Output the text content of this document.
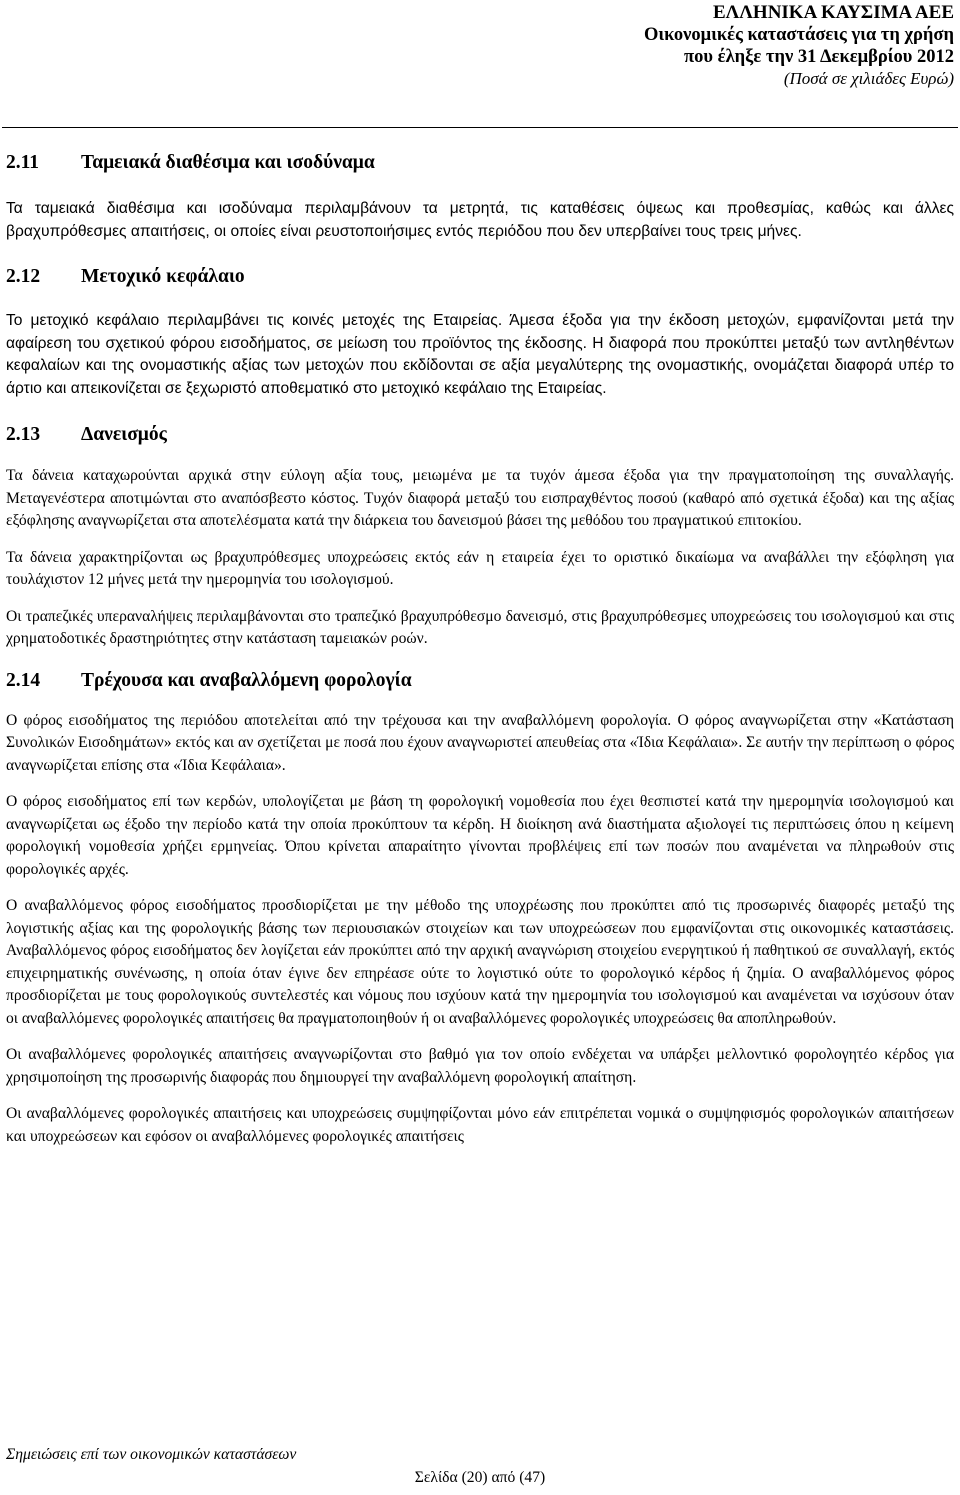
ΕΛΛΗΝΙΚΑ ΚΑΥΣΙΜΑ ΑΕΕ
Οικονομικές καταστάσεις για τη χρήση
που έληξε την 31 Δεκεμβρίου 2012
(Ποσά σε χιλιάδες Ευρώ)
2.11 Ταμειακά διαθέσιμα και ισοδύναμα

Τα ταμειακά διαθέσιμα και ισοδύναμα περιλαμβάνουν τα μετρητά, τις καταθέσεις όψεως και προθεσμίας, καθώς και άλλες βραχυπρόθεσμες απαιτήσεις, οι οποίες είναι ρευστοποιήσιμες εντός περιόδου που δεν υπερβαίνει τους τρεις μήνες.

2.12 Μετοχικό κεφάλαιο

Το μετοχικό κεφάλαιο περιλαμβάνει τις κοινές μετοχές της Εταιρείας. Άμεσα έξοδα για την έκδοση μετοχών, εμφανίζονται μετά την αφαίρεση του σχετικού φόρου εισοδήματος, σε μείωση του προϊόντος της έκδοσης. Η διαφορά που προκύπτει μεταξύ των αντληθέντων κεφαλαίων και της ονομαστικής αξίας των μετοχών που εκδίδονται σε αξία μεγαλύτερης της ονομαστικής, ονομάζεται διαφορά υπέρ το άρτιο και απεικονίζεται σε ξεχωριστό αποθεματικό στο μετοχικό κεφάλαιο της Εταιρείας.

2.13 Δανεισμός

Τα δάνεια καταχωρούνται αρχικά στην εύλογη αξία τους, μειωμένα με τα τυχόν άμεσα έξοδα για την πραγματοποίηση της συναλλαγής. Μεταγενέστερα αποτιμώνται στο αναπόσβεστο κόστος. Τυχόν διαφορά μεταξύ του εισπραχθέντος ποσού (καθαρό από σχετικά έξοδα) και της αξίας εξόφλησης αναγνωρίζεται στα αποτελέσματα κατά την διάρκεια του δανεισμού βάσει της μεθόδου του πραγματικού επιτοκίου.

Τα δάνεια χαρακτηρίζονται ως βραχυπρόθεσμες υποχρεώσεις εκτός εάν η εταιρεία έχει το οριστικό δικαίωμα να αναβάλλει την εξόφληση για τουλάχιστον 12 μήνες μετά την ημερομηνία του ισολογισμού.

Οι τραπεζικές υπεραναλήψεις περιλαμβάνονται στο τραπεζικό βραχυπρόθεσμο δανεισμό, στις βραχυπρόθεσμες υποχρεώσεις του ισολογισμού και στις χρηματοδοτικές δραστηριότητες στην κατάσταση ταμειακών ροών.

2.14 Τρέχουσα και αναβαλλόμενη φορολογία

Ο φόρος εισοδήματος της περιόδου αποτελείται από την τρέχουσα και την αναβαλλόμενη φορολογία. Ο φόρος αναγνωρίζεται στην «Κατάσταση Συνολικών Εισοδημάτων» εκτός και αν σχετίζεται με ποσά που έχουν αναγνωριστεί απευθείας στα «Ίδια Κεφάλαια». Σε αυτήν την περίπτωση ο φόρος αναγνωρίζεται επίσης στα «Ίδια Κεφάλαια».

Ο φόρος εισοδήματος επί των κερδών, υπολογίζεται με βάση τη φορολογική νομοθεσία που έχει θεσπιστεί κατά την ημερομηνία ισολογισμού και αναγνωρίζεται ως έξοδο την περίοδο κατά την οποία προκύπτουν τα κέρδη. Η διοίκηση ανά διαστήματα αξιολογεί τις περιπτώσεις όπου η κείμενη φορολογική νομοθεσία χρήζει ερμηνείας. Όπου κρίνεται απαραίτητο γίνονται προβλέψεις επί των ποσών που αναμένεται να πληρωθούν στις φορολογικές αρχές.

Ο αναβαλλόμενος φόρος εισοδήματος προσδιορίζεται με την μέθοδο της υποχρέωσης που προκύπτει από τις προσωρινές διαφορές μεταξύ της λογιστικής αξίας και της φορολογικής βάσης των περιουσιακών στοιχείων και των υποχρεώσεων που εμφανίζονται στις οικονομικές καταστάσεις. Αναβαλλόμενος φόρος εισοδήματος δεν λογίζεται εάν προκύπτει από την αρχική αναγνώριση στοιχείου ενεργητικού ή παθητικού σε συναλλαγή, εκτός επιχειρηματικής συνένωσης, η οποία όταν έγινε δεν επηρέασε ούτε το λογιστικό ούτε το φορολογικό κέρδος ή ζημία. Ο αναβαλλόμενος φόρος προσδιορίζεται με τους φορολογικούς συντελεστές και νόμους που ισχύουν κατά την ημερομηνία του ισολογισμού και αναμένεται να ισχύσουν όταν οι αναβαλλόμενες φορολογικές απαιτήσεις θα πραγματοποιηθούν ή οι αναβαλλόμενες φορολογικές υποχρεώσεις θα αποπληρωθούν.

Οι αναβαλλόμενες φορολογικές απαιτήσεις αναγνωρίζονται στο βαθμό για τον οποίο ενδέχεται να υπάρξει μελλοντικό φορολογητέο κέρδος για χρησιμοποίηση της προσωρινής διαφοράς που δημιουργεί την αναβαλλόμενη φορολογική απαίτηση.

Οι αναβαλλόμενες φορολογικές απαιτήσεις και υποχρεώσεις συμψηφίζονται μόνο εάν επιτρέπεται νομικά ο συμψηφισμός φορολογικών απαιτήσεων και υποχρεώσεων και εφόσον οι αναβαλλόμενες φορολογικές απαιτήσεις

Σημειώσεις επί των οικονομικών καταστάσεων
Σελίδα (20) από (47)
